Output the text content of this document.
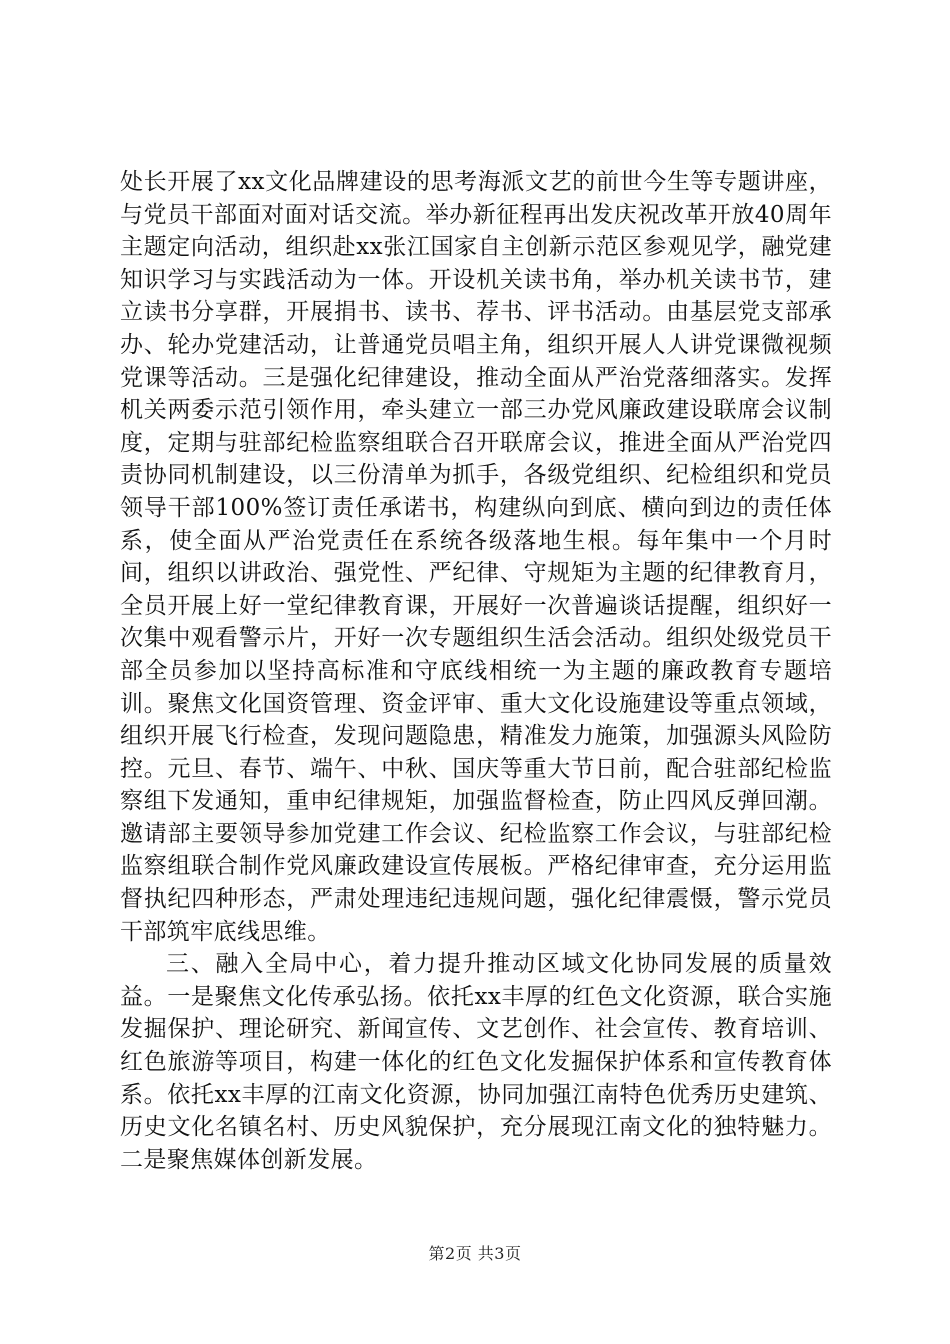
处长开展了xx文化品牌建设的思考海派文艺的前世今生等专题讲座，与党员干部面对面对话交流。举办新征程再出发庆祝改革开放40周年主题定向活动，组织赴xx张江国家自主创新示范区参观见学，融党建知识学习与实践活动为一体。开设机关读书角，举办机关读书节，建立读书分享群，开展捐书、读书、荐书、评书活动。由基层党支部承办、轮办党建活动，让普通党员唱主角，组织开展人人讲党课微视频党课等活动。三是强化纪律建设，推动全面从严治党落细落实。发挥机关两委示范引领作用，牵头建立一部三办党风廉政建设联席会议制度，定期与驻部纪检监察组联合召开联席会议，推进全面从严治党四责协同机制建设，以三份清单为抓手，各级党组织、纪检组织和党员领导干部100%签订责任承诺书，构建纵向到底、横向到边的责任体系，使全面从严治党责任在系统各级落地生根。每年集中一个月时间，组织以讲政治、强党性、严纪律、守规矩为主题的纪律教育月，全员开展上好一堂纪律教育课，开展好一次普遍谈话提醒，组织好一次集中观看警示片，开好一次专题组织生活会活动。组织处级党员干部全员参加以坚持高标准和守底线相统一为主题的廉政教育专题培训。聚焦文化国资管理、资金评审、重大文化设施建设等重点领域，组织开展飞行检查，发现问题隐患，精准发力施策，加强源头风险防控。元旦、春节、端午、中秋、国庆等重大节日前，配合驻部纪检监察组下发通知，重申纪律规矩，加强监督检查，防止四风反弹回潮。邀请部主要领导参加党建工作会议、纪检监察工作会议，与驻部纪检监察组联合制作党风廉政建设宣传展板。严格纪律审查，充分运用监督执纪四种形态，严肃处理违纪违规问题，强化纪律震慑，警示党员干部筑牢底线思维。

三、融入全局中心，着力提升推动区域文化协同发展的质量效益。一是聚焦文化传承弘扬。依托xx丰厚的红色文化资源，联合实施发掘保护、理论研究、新闻宣传、文艺创作、社会宣传、教育培训、红色旅游等项目，构建一体化的红色文化发掘保护体系和宣传教育体系。依托xx丰厚的江南文化资源，协同加强江南特色优秀历史建筑、历史文化名镇名村、历史风貌保护，充分展现江南文化的独特魅力。二是聚焦媒体创新发展。

第2页 共3页
